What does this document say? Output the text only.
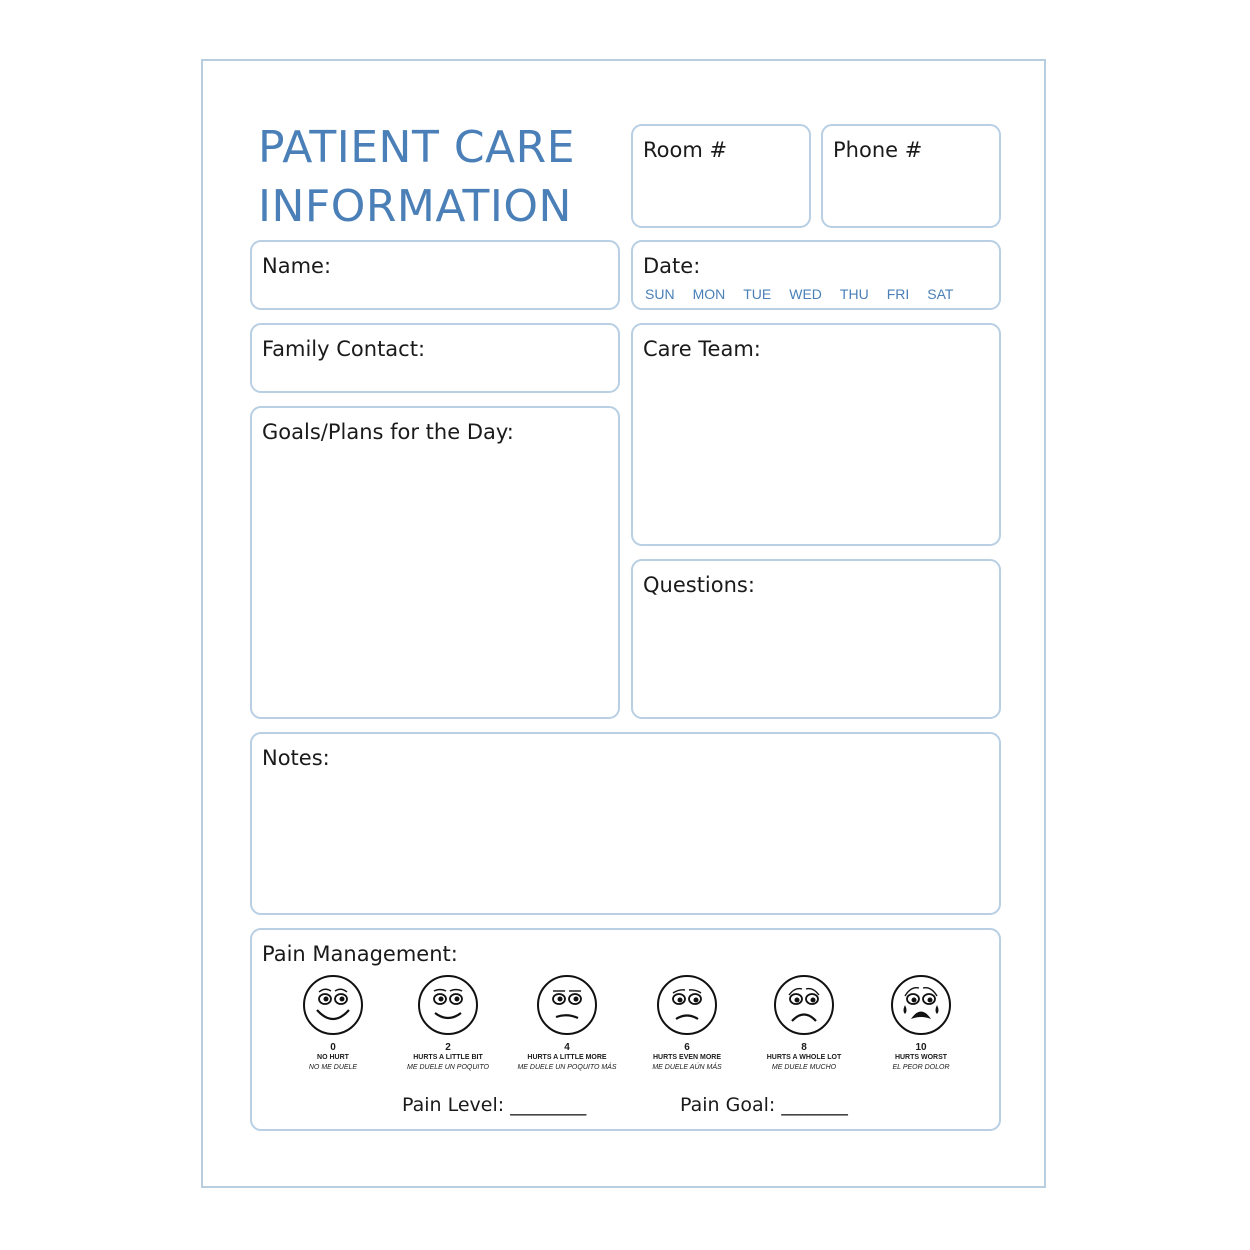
PATIENT CARE
INFORMATION
Room #	Phone #
Name:	Date:
SUN MON TUE WED THU FRI SAT
Family Contact:	Care Team:
Goals/Plans for the Day:
Questions:
Notes:
Pain Management:
0
NO HURT
NO ME DUELE
2
HURTS A LITTLE BIT
ME DUELE UN POQUITO
4
HURTS A LITTLE MORE
ME DUELE UN POQUITO MÁS
6
HURTS EVEN MORE
ME DUELE AÚN MÁS
8
HURTS A WHOLE LOT
ME DUELE MUCHO
10
HURTS WORST
EL PEOR DOLOR
Pain Level: ________	Pain Goal: _______
